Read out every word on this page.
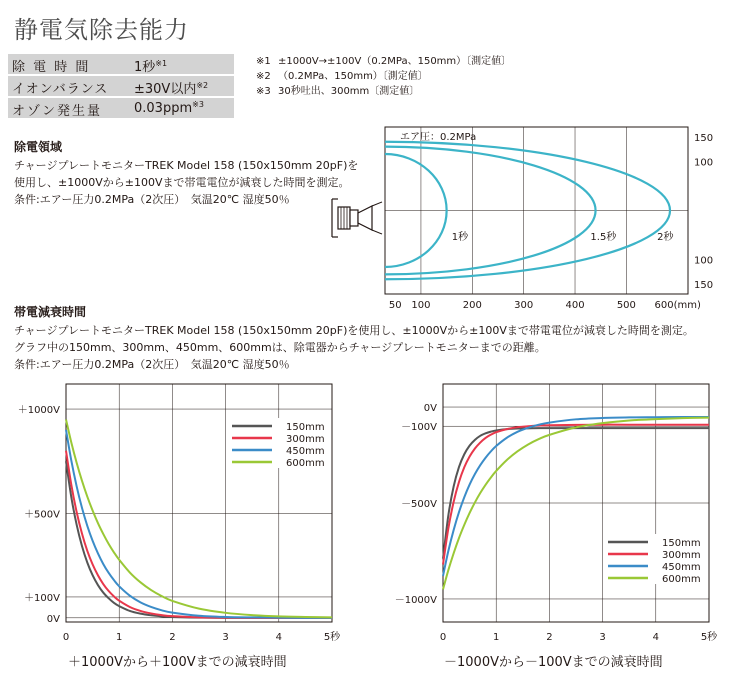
静電気除去能力
除 電 時 間	1秒$^{※1}$
イオンバランス ±30V以内$^{※2}$
オゾン発生量 0.03ppm$^{※3}$
※1 ±1000V→±100V（0.2MPa、150mm）〔測定値〕
※2 （0.2MPa、150mm）〔測定値〕
※3 30秒吐出、300mm〔測定値〕
除電領域
チャージプレートモニターTREK Model 158 (150x150mm 20pF)を
使用し、±1000Vから±100Vまで帯電電位が減衰した時間を測定。
条件:エアー圧力0.2MPa（2次圧）　気温20℃ 湿度50％
帯電減衰時間
チャージプレートモニターTREK Model 158 (150x150mm 20pF)を使用し、±1000Vから±100Vまで帯電電位が減衰した時間を測定。
グラフ中の150mm、300mm、450mm、600mmは、除電器からチャージプレートモニターまでの距離。
条件:エアー圧力0.2MPa（2次圧）　気温20℃ 湿度50％
50 100	200	300	400	500 600(mm)
150
100
100
150
1秒	1.5秒	2秒
エア圧：0.2MPa
150mm
300mm
450mm
600mm
0	1	2	3	4	5秒
＋1000V
＋500V
＋100V
0V
150mm
300mm
450mm
600mm
0	1	2	3	4	5秒
0V
－100V
－500V
－1000V
＋1000Vから＋100Vまでの減衰時間	－1000Vから－100Vまでの減衰時間
